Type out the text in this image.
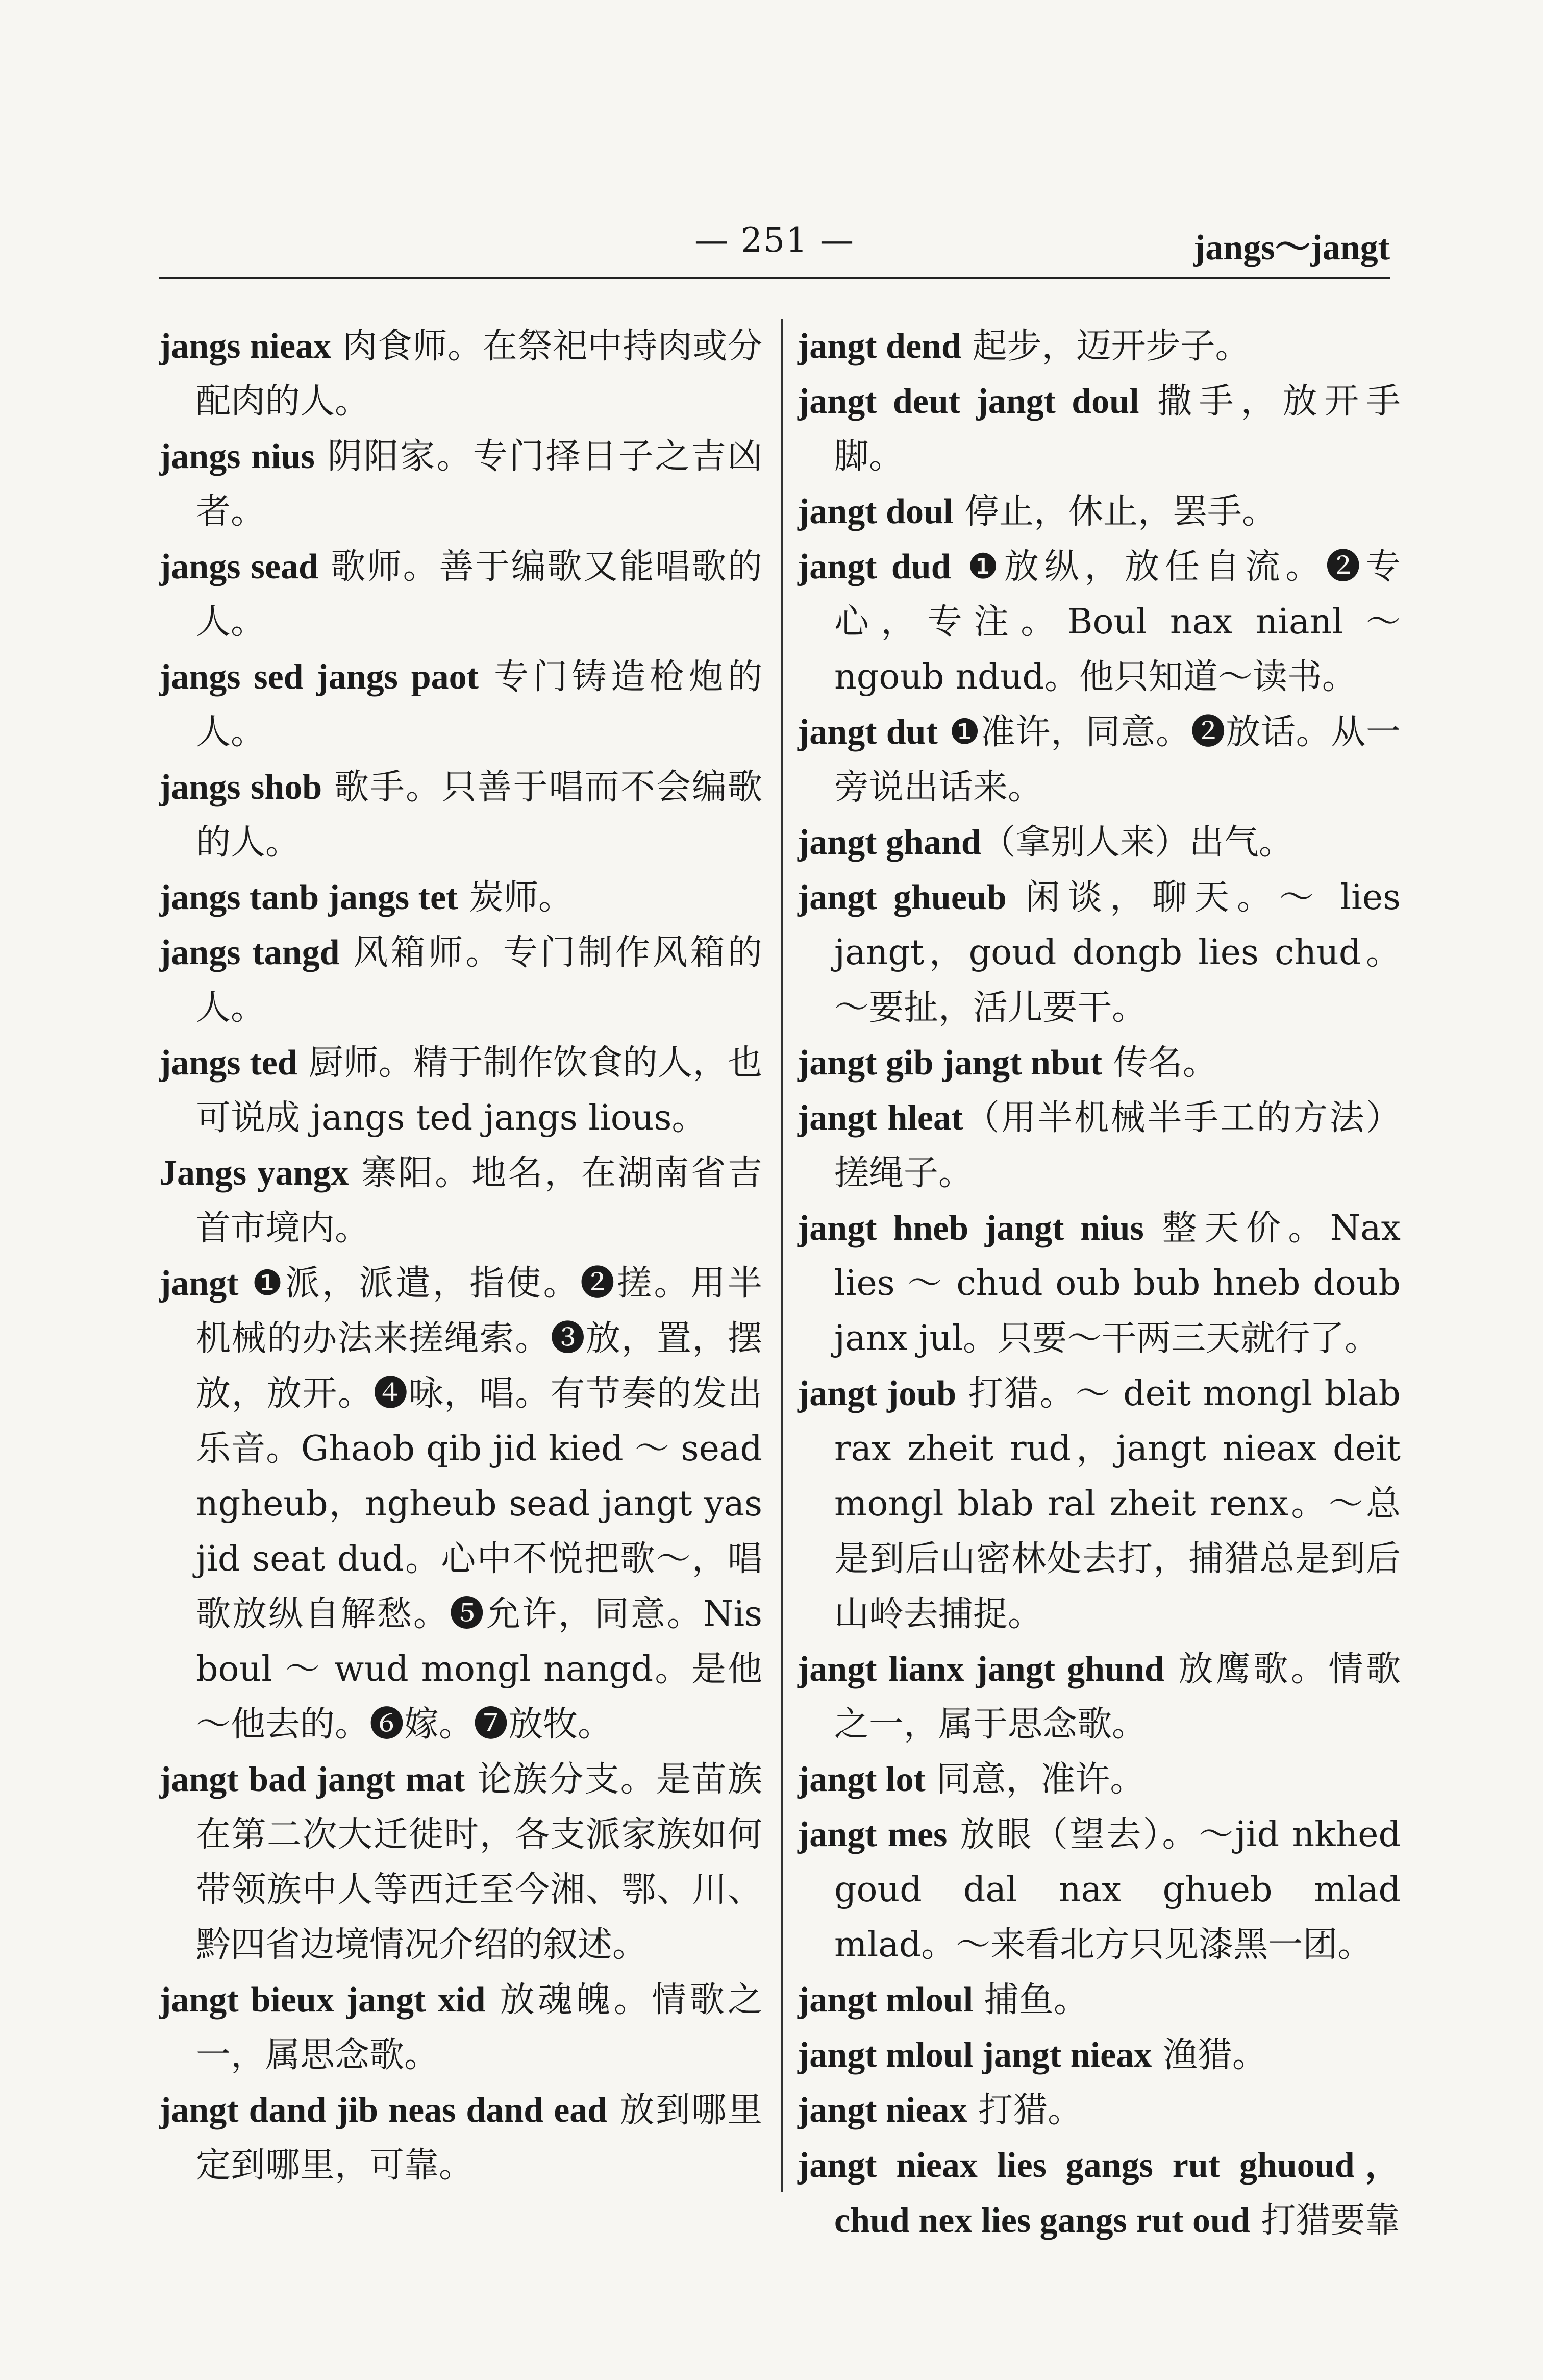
— 251 —	jangs～jangt

jangs nieax 肉食师。在祭祀中持肉或分配肉的人。

jangs nius 阴阳家。专门择日子之吉凶者。

jangs sead 歌师。善于编歌又能唱歌的人。

jangs sed jangs paot 专门铸造枪炮的人。

jangs shob 歌手。只善于唱而不会编歌的人。

jangs tanb jangs tet 炭师。

jangs tangd 风箱师。专门制作风箱的人。

jangs ted 厨师。精于制作饮食的人，也可说成 jangs ted jangs lious。

Jangs yangx 寨阳。地名，在湖南省吉首市境内。

jangt ❶派，派遣，指使。❷搓。用半机械的办法来搓绳索。❸放，置，摆放，放开。❹咏，唱。有节奏的发出乐音。Ghaob qib jid kied ～ sead ngheub，ngheub sead jangt yas jid seat dud。心中不悦把歌～，唱歌放纵自解愁。❺允许，同意。Nis boul ～ wud mongl nangd。是他～他去的。❻嫁。❼放牧。

jangt bad jangt mat 论族分支。是苗族在第二次大迁徙时，各支派家族如何带领族中人等西迁至今湘、鄂、川、黔四省边境情况介绍的叙述。

jangt bieux jangt xid 放魂魄。情歌之一，属思念歌。

jangt dand jib neas dand ead 放到哪里定到哪里，可靠。

jangt dend 起步，迈开步子。

jangt deut jangt doul 撒手，放开手脚。

jangt doul 停止，休止，罢手。

jangt dud ❶放纵，放任自流。❷专心，专注。Boul nax nianl ～ ngoub ndud。他只知道～读书。

jangt dut ❶准许，同意。❷放话。从一旁说出话来。

jangt ghand（拿别人来）出气。

jangt ghueub 闲谈，聊天。～ lies jangt，goud dongb lies chud。～要扯，活儿要干。

jangt gib jangt nbut 传名。

jangt hleat（用半机械半手工的方法）搓绳子。

jangt hneb jangt nius 整天价。Nax lies ～ chud oub bub hneb doub janx jul。只要～干两三天就行了。

jangt joub 打猎。～ deit mongl blab rax zheit rud，jangt nieax deit mongl blab ral zheit renx。～总是到后山密林处去打，捕猎总是到后山岭去捕捉。

jangt lianx jangt ghund 放鹰歌。情歌之一，属于思念歌。

jangt lot 同意，准许。

jangt mes 放眼（望去）。～jid nkhed goud dal nax ghueb mlad mlad。～来看北方只见漆黑一团。

jangt mloul 捕鱼。

jangt mloul jangt nieax 渔猎。

jangt nieax 打猎。

jangt nieax lies gangs rut ghuoud，chud nex lies gangs rut oud 打猎要靠
